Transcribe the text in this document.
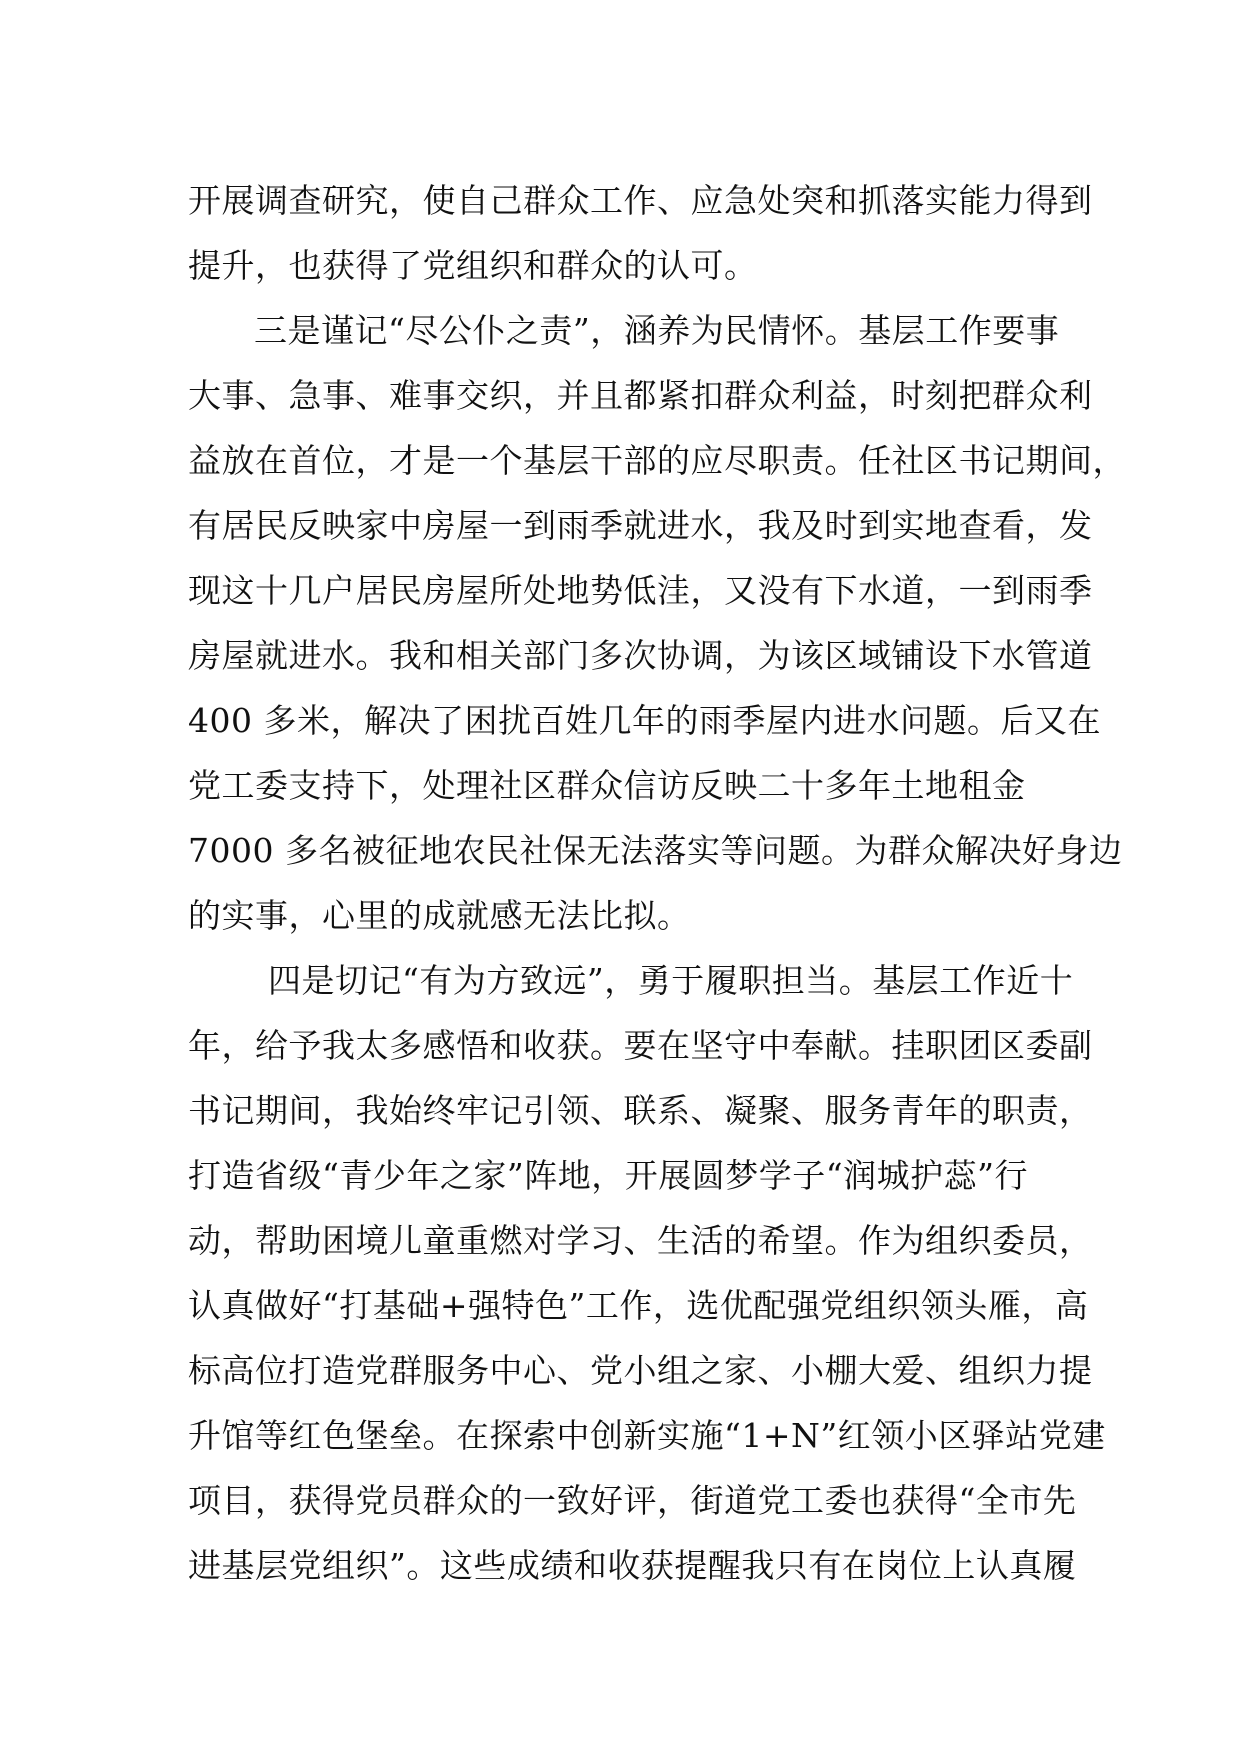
开展调查研究，使自己群众工作、应急处突和抓落实能力得到
提升，也获得了党组织和群众的认可。
三是谨记“尽公仆之责”，涵养为民情怀。基层工作要事
大事、急事、难事交织，并且都紧扣群众利益，时刻把群众利
益放在首位，才是一个基层干部的应尽职责。任社区书记期间，
有居民反映家中房屋一到雨季就进水，我及时到实地查看，发
现这十几户居民房屋所处地势低洼，又没有下水道，一到雨季
房屋就进水。我和相关部门多次协调，为该区域铺设下水管道
400 多米，解决了困扰百姓几年的雨季屋内进水问题。后又在
党工委支持下，处理社区群众信访反映二十多年土地租金
7000 多名被征地农民社保无法落实等问题。为群众解决好身边
的实事，心里的成就感无法比拟。
四是切记“有为方致远”，勇于履职担当。基层工作近十
年，给予我太多感悟和收获。要在坚守中奉献。挂职团区委副
书记期间，我始终牢记引领、联系、凝聚、服务青年的职责，
打造省级“青少年之家”阵地，开展圆梦学子“润城护蕊”行
动，帮助困境儿童重燃对学习、生活的希望。作为组织委员，
认真做好“打基础+强特色”工作，选优配强党组织领头雁，高
标高位打造党群服务中心、党小组之家、小棚大爱、组织力提
升馆等红色堡垒。在探索中创新实施“1+N”红领小区驿站党建
项目，获得党员群众的一致好评，街道党工委也获得“全市先
进基层党组织”。这些成绩和收获提醒我只有在岗位上认真履
